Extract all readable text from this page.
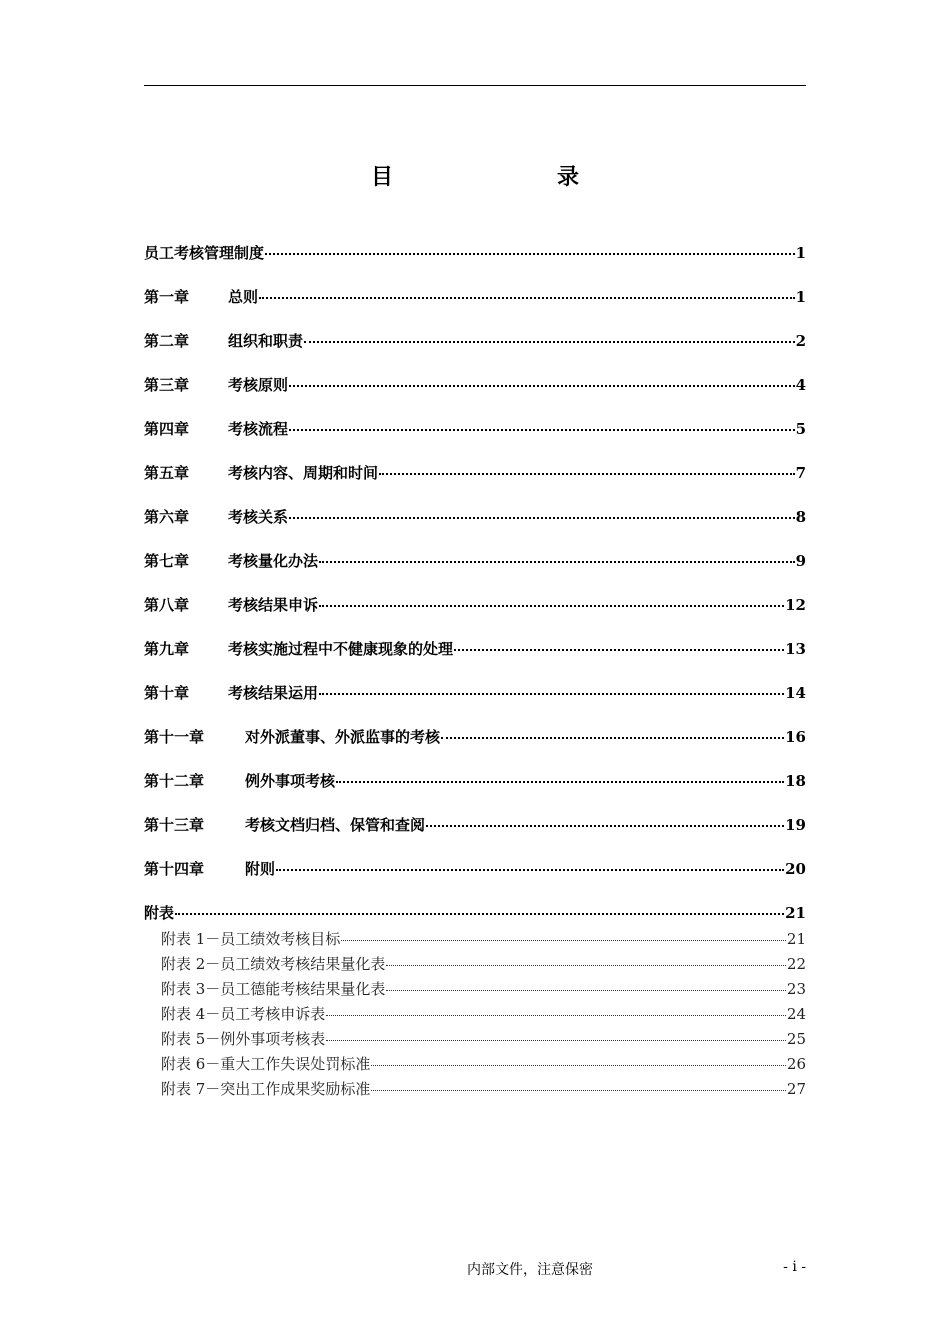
目　　录
员工考核管理制度	1
第一章	总则	1
第二章	组织和职责	2
第三章	考核原则	4
第四章	考核流程	5
第五章	考核内容、周期和时间	7
第六章	考核关系	8
第七章	考核量化办法	9
第八章	考核结果申诉	12
第九章	考核实施过程中不健康现象的处理	13
第十章	考核结果运用	14
第十一章	对外派董事、外派监事的考核	16
第十二章	例外事项考核	18
第十三章	考核文档归档、保管和查阅	19
第十四章	附则	20
附表	21
附表 1－员工绩效考核目标	21
附表 2－员工绩效考核结果量化表	22
附表 3－员工德能考核结果量化表	23
附表 4－员工考核申诉表	24
附表 5－例外事项考核表	25
附表 6－重大工作失误处罚标准	26
附表 7－突出工作成果奖励标准	27
内部文件，注意保密	- i -
